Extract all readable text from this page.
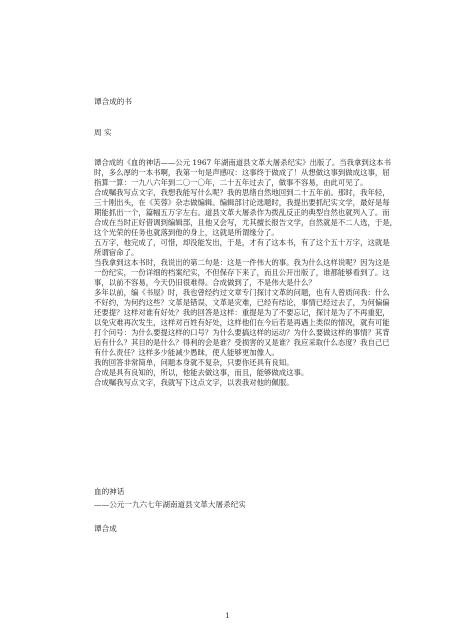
谭合成的书
周 实
谭合成的《血的神话——公元 1967 年湖南道县文革大屠杀纪实》出版了。当我拿到这本书
时，多么厚的一本书啊，我第一句是声感叹：这事终于做成了！从想做这事到做成这事，屈
指算一算：一九八六年到二〇一〇年，二十五年过去了，做事不容易，由此可见了。
合成嘱我写点文字，我想我能写什么呢？我的思绪自然地回到二十五年前。那时，我年轻，
三十刚出头，在《芙蓉》杂志做编辑。编辑部讨论选题时，我提出要抓纪实文学，最好是每
期能抓出一个，篇幅五万字左右。道县文革大屠杀作为拨乱反正的典型自然也就列入了。而
合成在当时正好借调到编辑部，且他又会写，尤其擅长报告文学，自然就是不二人选，于是，
这个光荣的任务也就落到他的身上，这就是所谓缘分了。
五万字，他完成了，可惜，却没能发出，于是，才有了这本书，有了这个五十万字，这就是
所谓宿命了。
当我拿到这本书时，我说出的第二句是：这是一件伟大的事。我为什么这样说呢？因为这是
一份纪实，一份详细的档案纪实，不但保存下来了，而且公开出版了，谁都能够看到了。这
事，以前不容易，今天仍旧很难得。合成做到了，不是伟大是什么？
多年以前，编《书屋》时，我也曾经约过文章专门探讨文革的问题，也有人曾质问我：什么
不好约，为何约这些？文革是错误，文革是灾难，已经有结论，事情已经过去了，为何偏偏
还要提？这样对谁有好处？我的回答是这样：重提是为了不要忘记，探讨是为了不再重犯，
以免灾难再次发生，这样对百姓有好处，这样他们在今后若是再遇上类似的情况，就有可能
打个问号：为什么要提这样的口号？为什么要搞这样的运动？为什么要做这样的事情？其背
后有什么？其目的是什么？得利的会是谁？受损害的又是谁？我应采取什么态度？我自己已
有什么责任？这样多少能减少愚昧，使人能够更加像人。
我的回答非常简单，问题本身就不复杂，只要你还具有良知。
合成是具有良知的，所以，他能去做这事，而且，能够做成这事。
合成嘱我写点文字，我就写下这点文字，以表我对他的佩服。
血的神话
——公元一九六七年湖南道县文革大屠杀纪实
谭合成
1
